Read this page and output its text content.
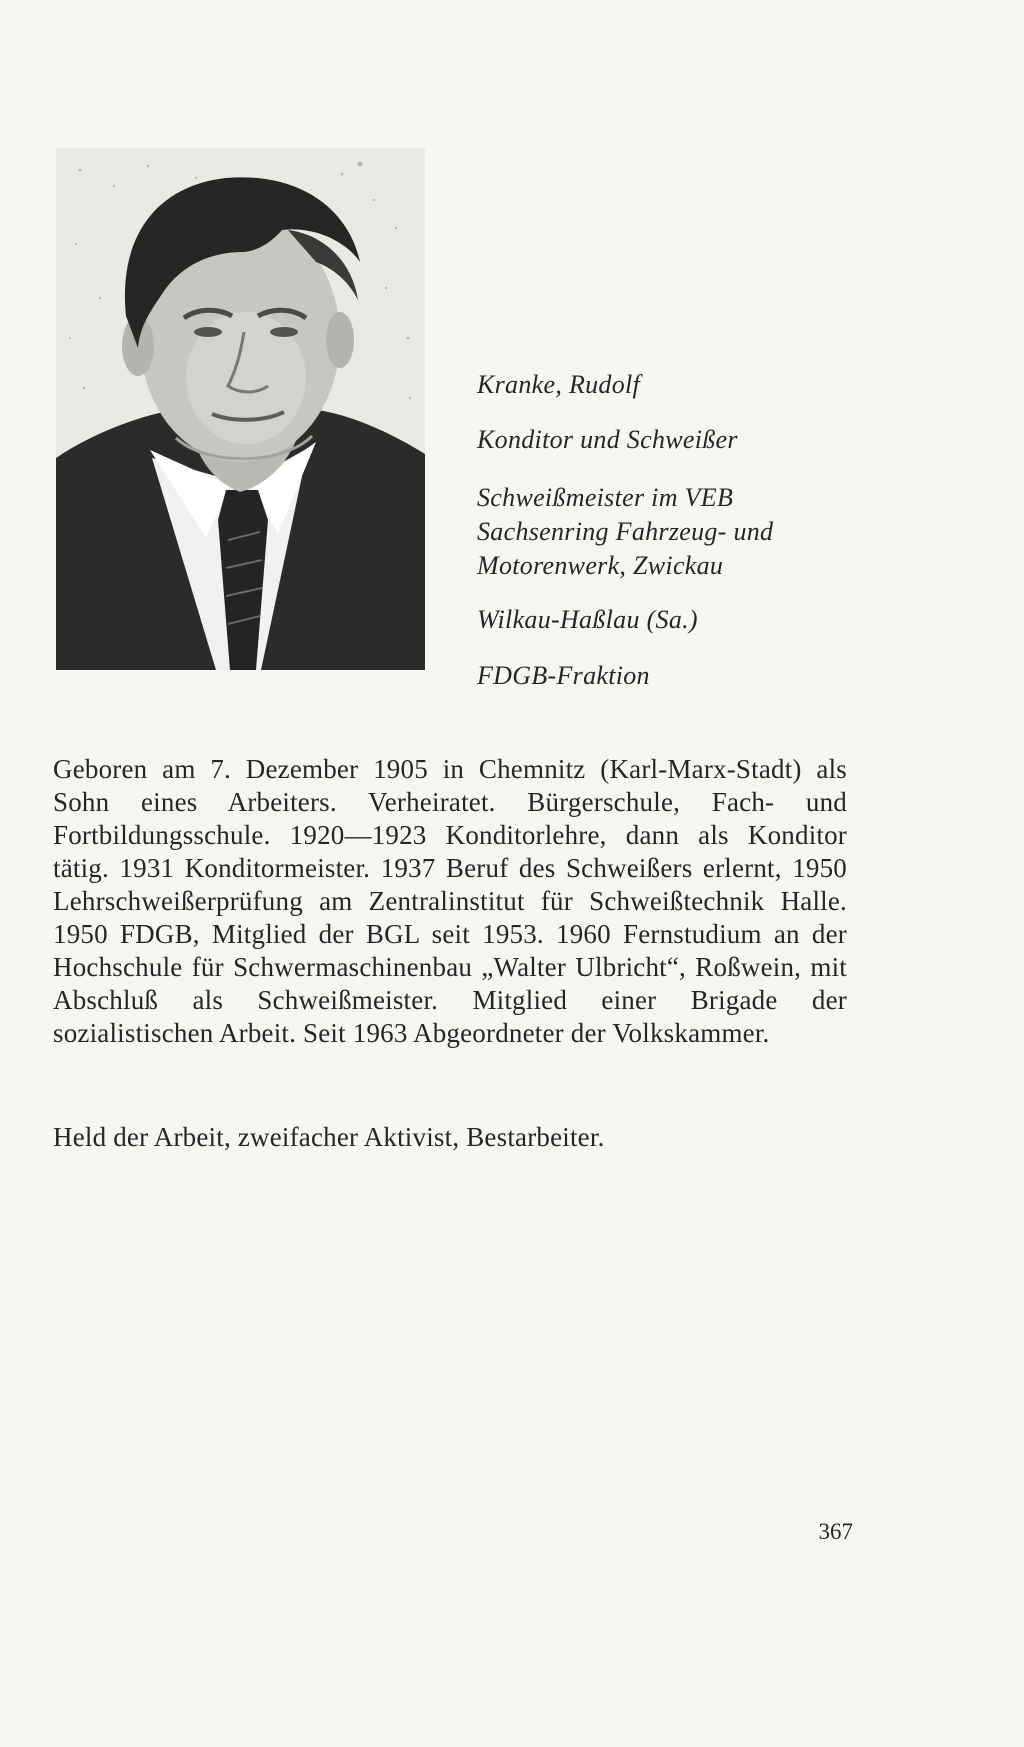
Kranke, Rudolf
Konditor und Schweißer
Schweißmeister im VEB
Sachsenring Fahrzeug- und
Motorenwerk, Zwickau
Wilkau-Haßlau (Sa.)
FDGB-Fraktion

Geboren am 7. Dezember 1905 in Chemnitz (Karl-Marx-Stadt) als Sohn eines Arbeiters. Verheiratet. Bürgerschule, Fach- und Fortbildungsschule. 1920—1923 Konditorlehre, dann als Konditor tätig. 1931 Konditormeister. 1937 Beruf des Schweißers erlernt, 1950 Lehrschweißerprüfung am Zentralinstitut für Schweißtechnik Halle. 1950 FDGB, Mitglied der BGL seit 1953. 1960 Fernstudium an der Hochschule für Schwermaschinenbau „Walter Ulbricht“, Roßwein, mit Abschluß als Schweißmeister. Mitglied einer Brigade der sozialistischen Arbeit. Seit 1963 Abgeordneter der Volkskammer.

Held der Arbeit, zweifacher Aktivist, Bestarbeiter.

367
